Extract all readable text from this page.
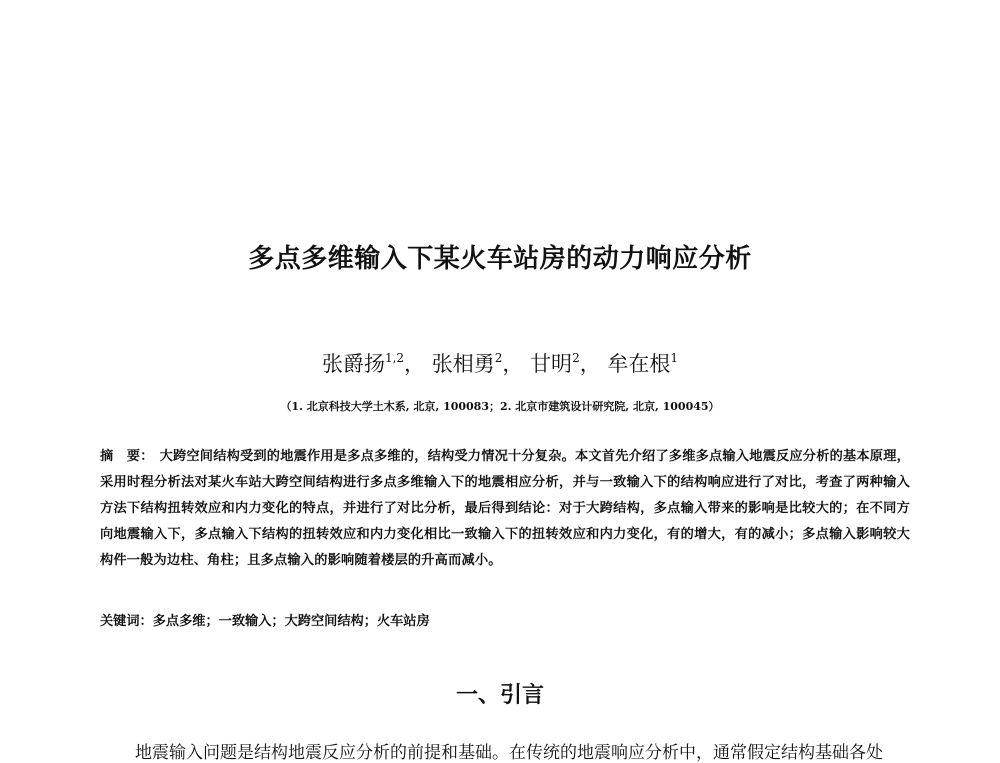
多点多维输入下某火车站房的动力响应分析

张爵扬$^{1,2}$， 张相勇$^2$， 甘明$^2$， 牟在根$^1$

（1. 北京科技大学土木系, 北京, 100083；2. 北京市建筑设计研究院, 北京, 100045）

摘　要： 大跨空间结构受到的地震作用是多点多维的，结构受力情况十分复杂。本文首先介绍了多维多点输入地震反应分析的基本原理，采用时程分析法对某火车站大跨空间结构进行多点多维输入下的地震相应分析，并与一致输入下的结构响应进行了对比，考查了两种输入方法下结构扭转效应和内力变化的特点，并进行了对比分析，最后得到结论：对于大跨结构，多点输入带来的影响是比较大的；在不同方向地震输入下，多点输入下结构的扭转效应和内力变化相比一致输入下的扭转效应和内力变化，有的增大，有的减小；多点输入影响较大构件一般为边柱、角柱；且多点输入的影响随着楼层的升高而减小。

关键词：多点多维；一致输入；大跨空间结构；火车站房

一、引言

地震输入问题是结构地震反应分析的前提和基础。在传统的地震响应分析中，通常假定结构基础各处
